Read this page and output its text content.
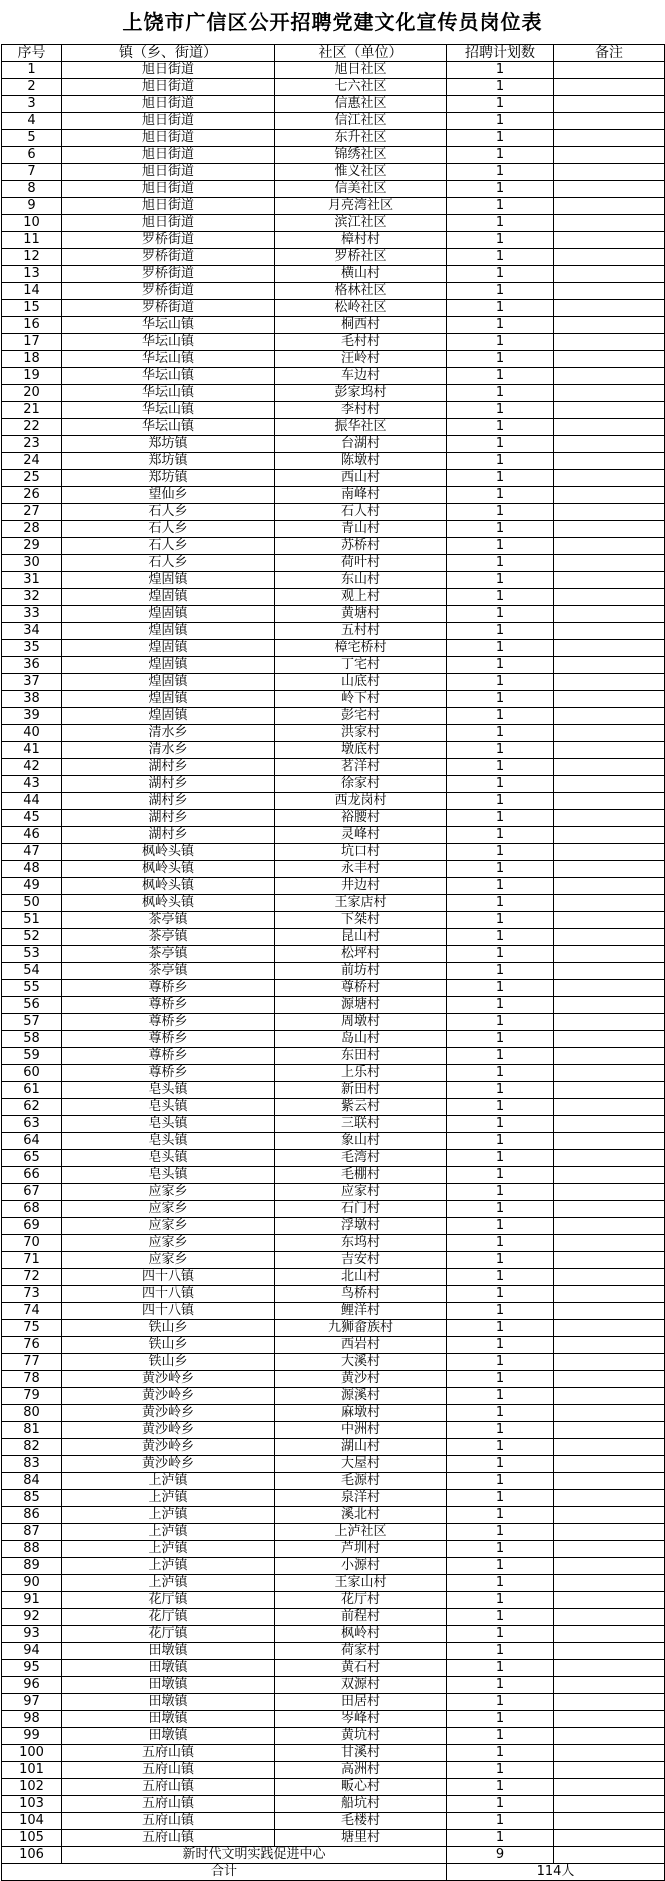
上饶市广信区公开招聘党建文化宣传员岗位表
序号	镇（乡、街道）	社区（单位）	招聘计划数	备注
1	旭日街道	旭日社区	1	
2	旭日街道	七六社区	1	
3	旭日街道	信惠社区	1	
4	旭日街道	信江社区	1	
5	旭日街道	东升社区	1	
6	旭日街道	锦绣社区	1	
7	旭日街道	惟义社区	1	
8	旭日街道	信美社区	1	
9	旭日街道	月亮湾社区	1	
10	旭日街道	滨江社区	1	
11	罗桥街道	樟村村	1	
12	罗桥街道	罗桥社区	1	
13	罗桥街道	横山村	1	
14	罗桥街道	格林社区	1	
15	罗桥街道	松岭社区	1	
16	华坛山镇	桐西村	1	
17	华坛山镇	毛村村	1	
18	华坛山镇	汪岭村	1	
19	华坛山镇	车边村	1	
20	华坛山镇	彭家坞村	1	
21	华坛山镇	李村村	1	
22	华坛山镇	振华社区	1	
23	郑坊镇	台湖村	1	
24	郑坊镇	陈墩村	1	
25	郑坊镇	西山村	1	
26	望仙乡	南峰村	1	
27	石人乡	石人村	1	
28	石人乡	青山村	1	
29	石人乡	苏桥村	1	
30	石人乡	荷叶村	1	
31	煌固镇	东山村	1	
32	煌固镇	观上村	1	
33	煌固镇	黄塘村	1	
34	煌固镇	五村村	1	
35	煌固镇	樟宅桥村	1	
36	煌固镇	丁宅村	1	
37	煌固镇	山底村	1	
38	煌固镇	岭下村	1	
39	煌固镇	彭宅村	1	
40	清水乡	洪家村	1	
41	清水乡	墩底村	1	
42	湖村乡	茗洋村	1	
43	湖村乡	徐家村	1	
44	湖村乡	西龙岗村	1	
45	湖村乡	裕腰村	1	
46	湖村乡	灵峰村	1	
47	枫岭头镇	坑口村	1	
48	枫岭头镇	永丰村	1	
49	枫岭头镇	井边村	1	
50	枫岭头镇	王家店村	1	
51	茶亭镇	下桀村	1	
52	茶亭镇	昆山村	1	
53	茶亭镇	松坪村	1	
54	茶亭镇	前坊村	1	
55	尊桥乡	尊桥村	1	
56	尊桥乡	源塘村	1	
57	尊桥乡	周墩村	1	
58	尊桥乡	岛山村	1	
59	尊桥乡	东田村	1	
60	尊桥乡	上乐村	1	
61	皂头镇	新田村	1	
62	皂头镇	紫云村	1	
63	皂头镇	三联村	1	
64	皂头镇	象山村	1	
65	皂头镇	毛湾村	1	
66	皂头镇	毛棚村	1	
67	应家乡	应家村	1	
68	应家乡	石门村	1	
69	应家乡	浮墩村	1	
70	应家乡	东坞村	1	
71	应家乡	吉安村	1	
72	四十八镇	北山村	1	
73	四十八镇	鸟桥村	1	
74	四十八镇	鲤洋村	1	
75	铁山乡	九狮畲族村	1	
76	铁山乡	西岩村	1	
77	铁山乡	大溪村	1	
78	黄沙岭乡	黄沙村	1	
79	黄沙岭乡	源溪村	1	
80	黄沙岭乡	麻墩村	1	
81	黄沙岭乡	中洲村	1	
82	黄沙岭乡	湖山村	1	
83	黄沙岭乡	大屋村	1	
84	上泸镇	毛源村	1	
85	上泸镇	泉洋村	1	
86	上泸镇	溪北村	1	
87	上泸镇	上泸社区	1	
88	上泸镇	芦圳村	1	
89	上泸镇	小源村	1	
90	上泸镇	王家山村	1	
91	花厅镇	花厅村	1	
92	花厅镇	前程村	1	
93	花厅镇	枫岭村	1	
94	田墩镇	荷家村	1	
95	田墩镇	黄石村	1	
96	田墩镇	双源村	1	
97	田墩镇	田居村	1	
98	田墩镇	岑峰村	1	
99	田墩镇	黄坑村	1	
100	五府山镇	甘溪村	1	
101	五府山镇	高洲村	1	
102	五府山镇	畈心村	1	
103	五府山镇	船坑村	1	
104	五府山镇	毛楼村	1	
105	五府山镇	塘里村	1	
106	新时代文明实践促进中心		9	
合计			114人	
